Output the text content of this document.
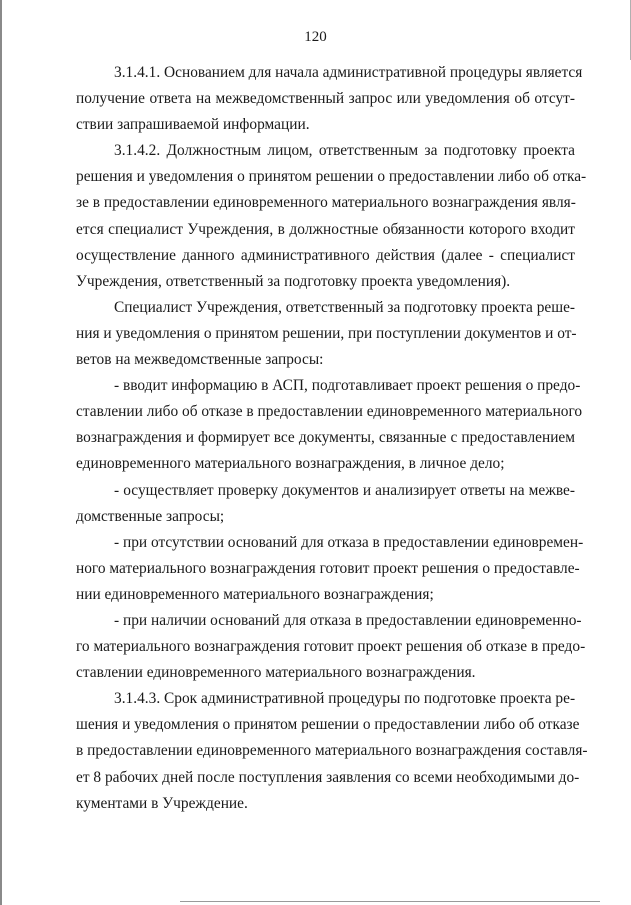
120

3.1.4.1. Основанием для начала административной процедуры является
получение ответа на межведомственный запрос или уведомления об отсут-
ствии запрашиваемой информации.

3.1.4.2. Должностным лицом, ответственным за подготовку проекта
решения и уведомления о принятом решении о предоставлении либо об отка-
зе в предоставлении единовременного материального вознаграждения явля-
ется специалист Учреждения, в должностные обязанности которого входит
осуществление данного административного действия (далее - специалист
Учреждения, ответственный за подготовку проекта уведомления).

Специалист Учреждения, ответственный за подготовку проекта реше-
ния и уведомления о принятом решении, при поступлении документов и от-
ветов на межведомственные запросы:

- вводит информацию в АСП, подготавливает проект решения о предо-
ставлении либо об отказе в предоставлении единовременного материального
вознаграждения и формирует все документы, связанные с предоставлением
единовременного материального вознаграждения, в личное дело;

- осуществляет проверку документов и анализирует ответы на межве-
домственные запросы;

- при отсутствии оснований для отказа в предоставлении единовремен-
ного материального вознаграждения готовит проект решения о предоставле-
нии единовременного материального вознаграждения;

- при наличии оснований для отказа в предоставлении единовременно-
го материального вознаграждения готовит проект решения об отказе в предо-
ставлении единовременного материального вознаграждения.

3.1.4.3. Срок административной процедуры по подготовке проекта ре-
шения и уведомления о принятом решении о предоставлении либо об отказе
в предоставлении единовременного материального вознаграждения составля-
ет 8 рабочих дней после поступления заявления со всеми необходимыми до-
кументами в Учреждение.
